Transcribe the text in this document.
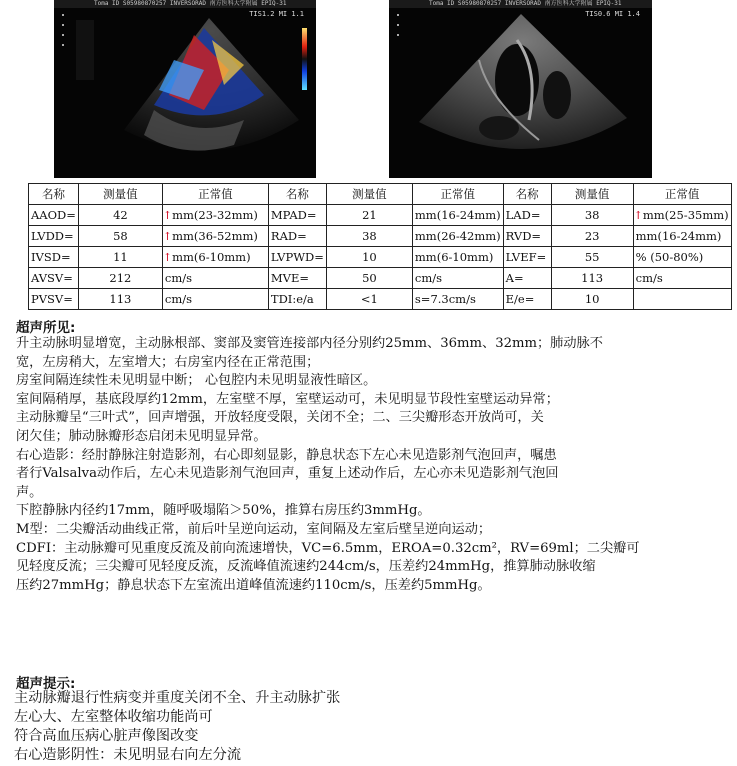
Toma ID S05980870257 INVERSORAD 南方医科大学附属 EPIQ-31
TIS1.2 MI 1.1
Toma ID S05980870257 INVERSORAD 南方医科大学附属 EPIQ-31
TIS0.6 MI 1.4
名称	测量值	正常值	名称	测量值	正常值	名称	测量值	正常值
AAOD=	42	↑mm(23-32mm)	MPAD=	21	mm(16-24mm)	LAD=	38	↑mm(25-35mm)
LVDD=	58	↑mm(36-52mm)	RAD=	38	mm(26-42mm)	RVD=	23	mm(16-24mm)
IVSD=	11	↑mm(6-10mm)	LVPWD=	10	mm(6-10mm)	LVEF=	55	% (50-80%)
AVSV=	212	cm/s	MVE=	50	cm/s	A=	113	cm/s
PVSV=	113	cm/s	TDI:e/a	<1	s=7.3cm/s	E/e=	10	
超声所见:
升主动脉明显增宽，主动脉根部、窦部及窦管连接部内径分别约25mm、36mm、32mm；肺动脉不
宽，左房稍大，左室增大；右房室内径在正常范围；
房室间隔连续性未见明显中断； 心包腔内未见明显液性暗区。
室间隔稍厚，基底段厚约12mm，左室壁不厚，室壁运动可，未见明显节段性室壁运动异常；
主动脉瓣呈“三叶式”，回声增强，开放轻度受限，关闭不全；二、三尖瓣形态开放尚可，关
闭欠佳；肺动脉瓣形态启闭未见明显异常。
右心造影：经肘静脉注射造影剂，右心即刻显影，静息状态下左心未见造影剂气泡回声，嘱患
者行Valsalva动作后，左心未见造影剂气泡回声，重复上述动作后，左心亦未见造影剂气泡回
声。
下腔静脉内径约17mm，随呼吸塌陷＞50%，推算右房压约3mmHg。
M型：二尖瓣活动曲线正常，前后叶呈逆向运动，室间隔及左室后壁呈逆向运动；
CDFI：主动脉瓣可见重度反流及前向流速增快，VC=6.5mm，EROA=0.32cm²，RV=69ml；二尖瓣可
见轻度反流；三尖瓣可见轻度反流，反流峰值流速约244cm/s，压差约24mmHg，推算肺动脉收缩
压约27mmHg；静息状态下左室流出道峰值流速约110cm/s，压差约5mmHg。
超声提示:
主动脉瓣退行性病变并重度关闭不全、升主动脉扩张
左心大、左室整体收缩功能尚可
符合高血压病心脏声像图改变
右心造影阴性：未见明显右向左分流
